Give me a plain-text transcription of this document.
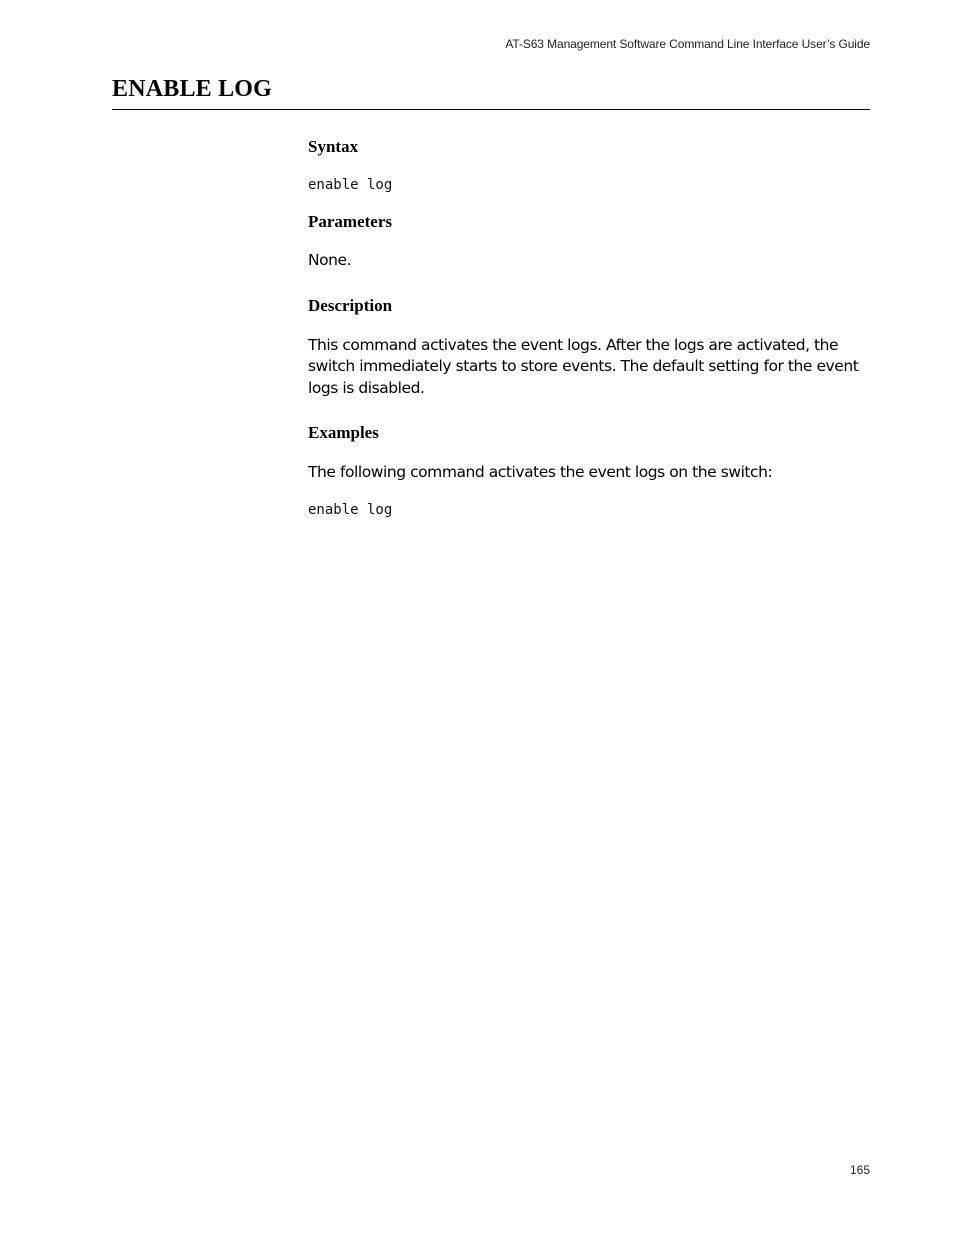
AT-S63 Management Software Command Line Interface User’s Guide
ENABLE LOG
Syntax
enable log
Parameters

None.

Description

This command activates the event logs. After the logs are activated, the switch immediately starts to store events. The default setting for the event logs is disabled.

Examples

The following command activates the event logs on the switch:

enable log
165
